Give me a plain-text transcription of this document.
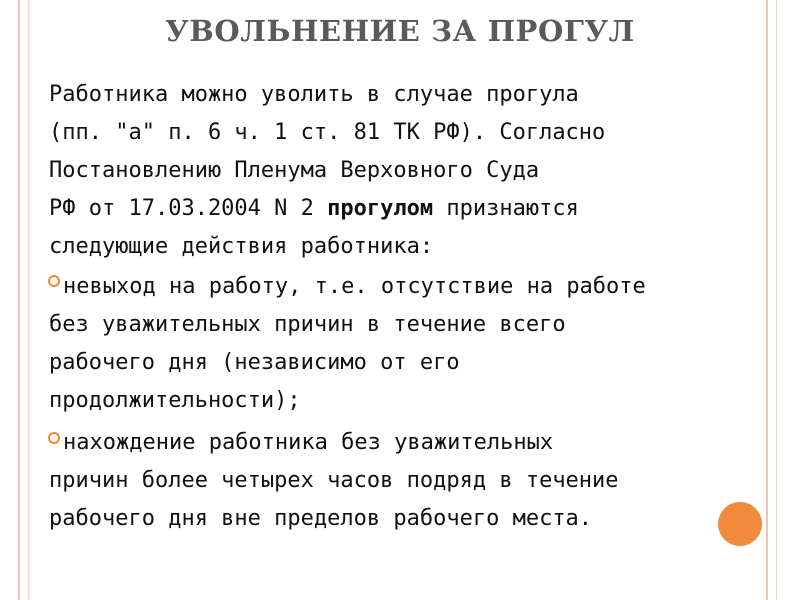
УВОЛЬНЕНИЕ ЗА ПРОГУЛ
Работника можно уволить в случае прогула
(пп. "а" п. 6 ч. 1 ст. 81 ТК РФ). Согласно
Постановлению Пленума Верховного Суда
РФ от 17.03.2004 N 2 прогулом признаются
следующие действия работника:
невыход на работу, т.е. отсутствие на работе
без уважительных причин в течение всего
рабочего дня (независимо от его
продолжительности);
нахождение работника без уважительных
причин более четырех часов подряд в течение
рабочего дня вне пределов рабочего места.
